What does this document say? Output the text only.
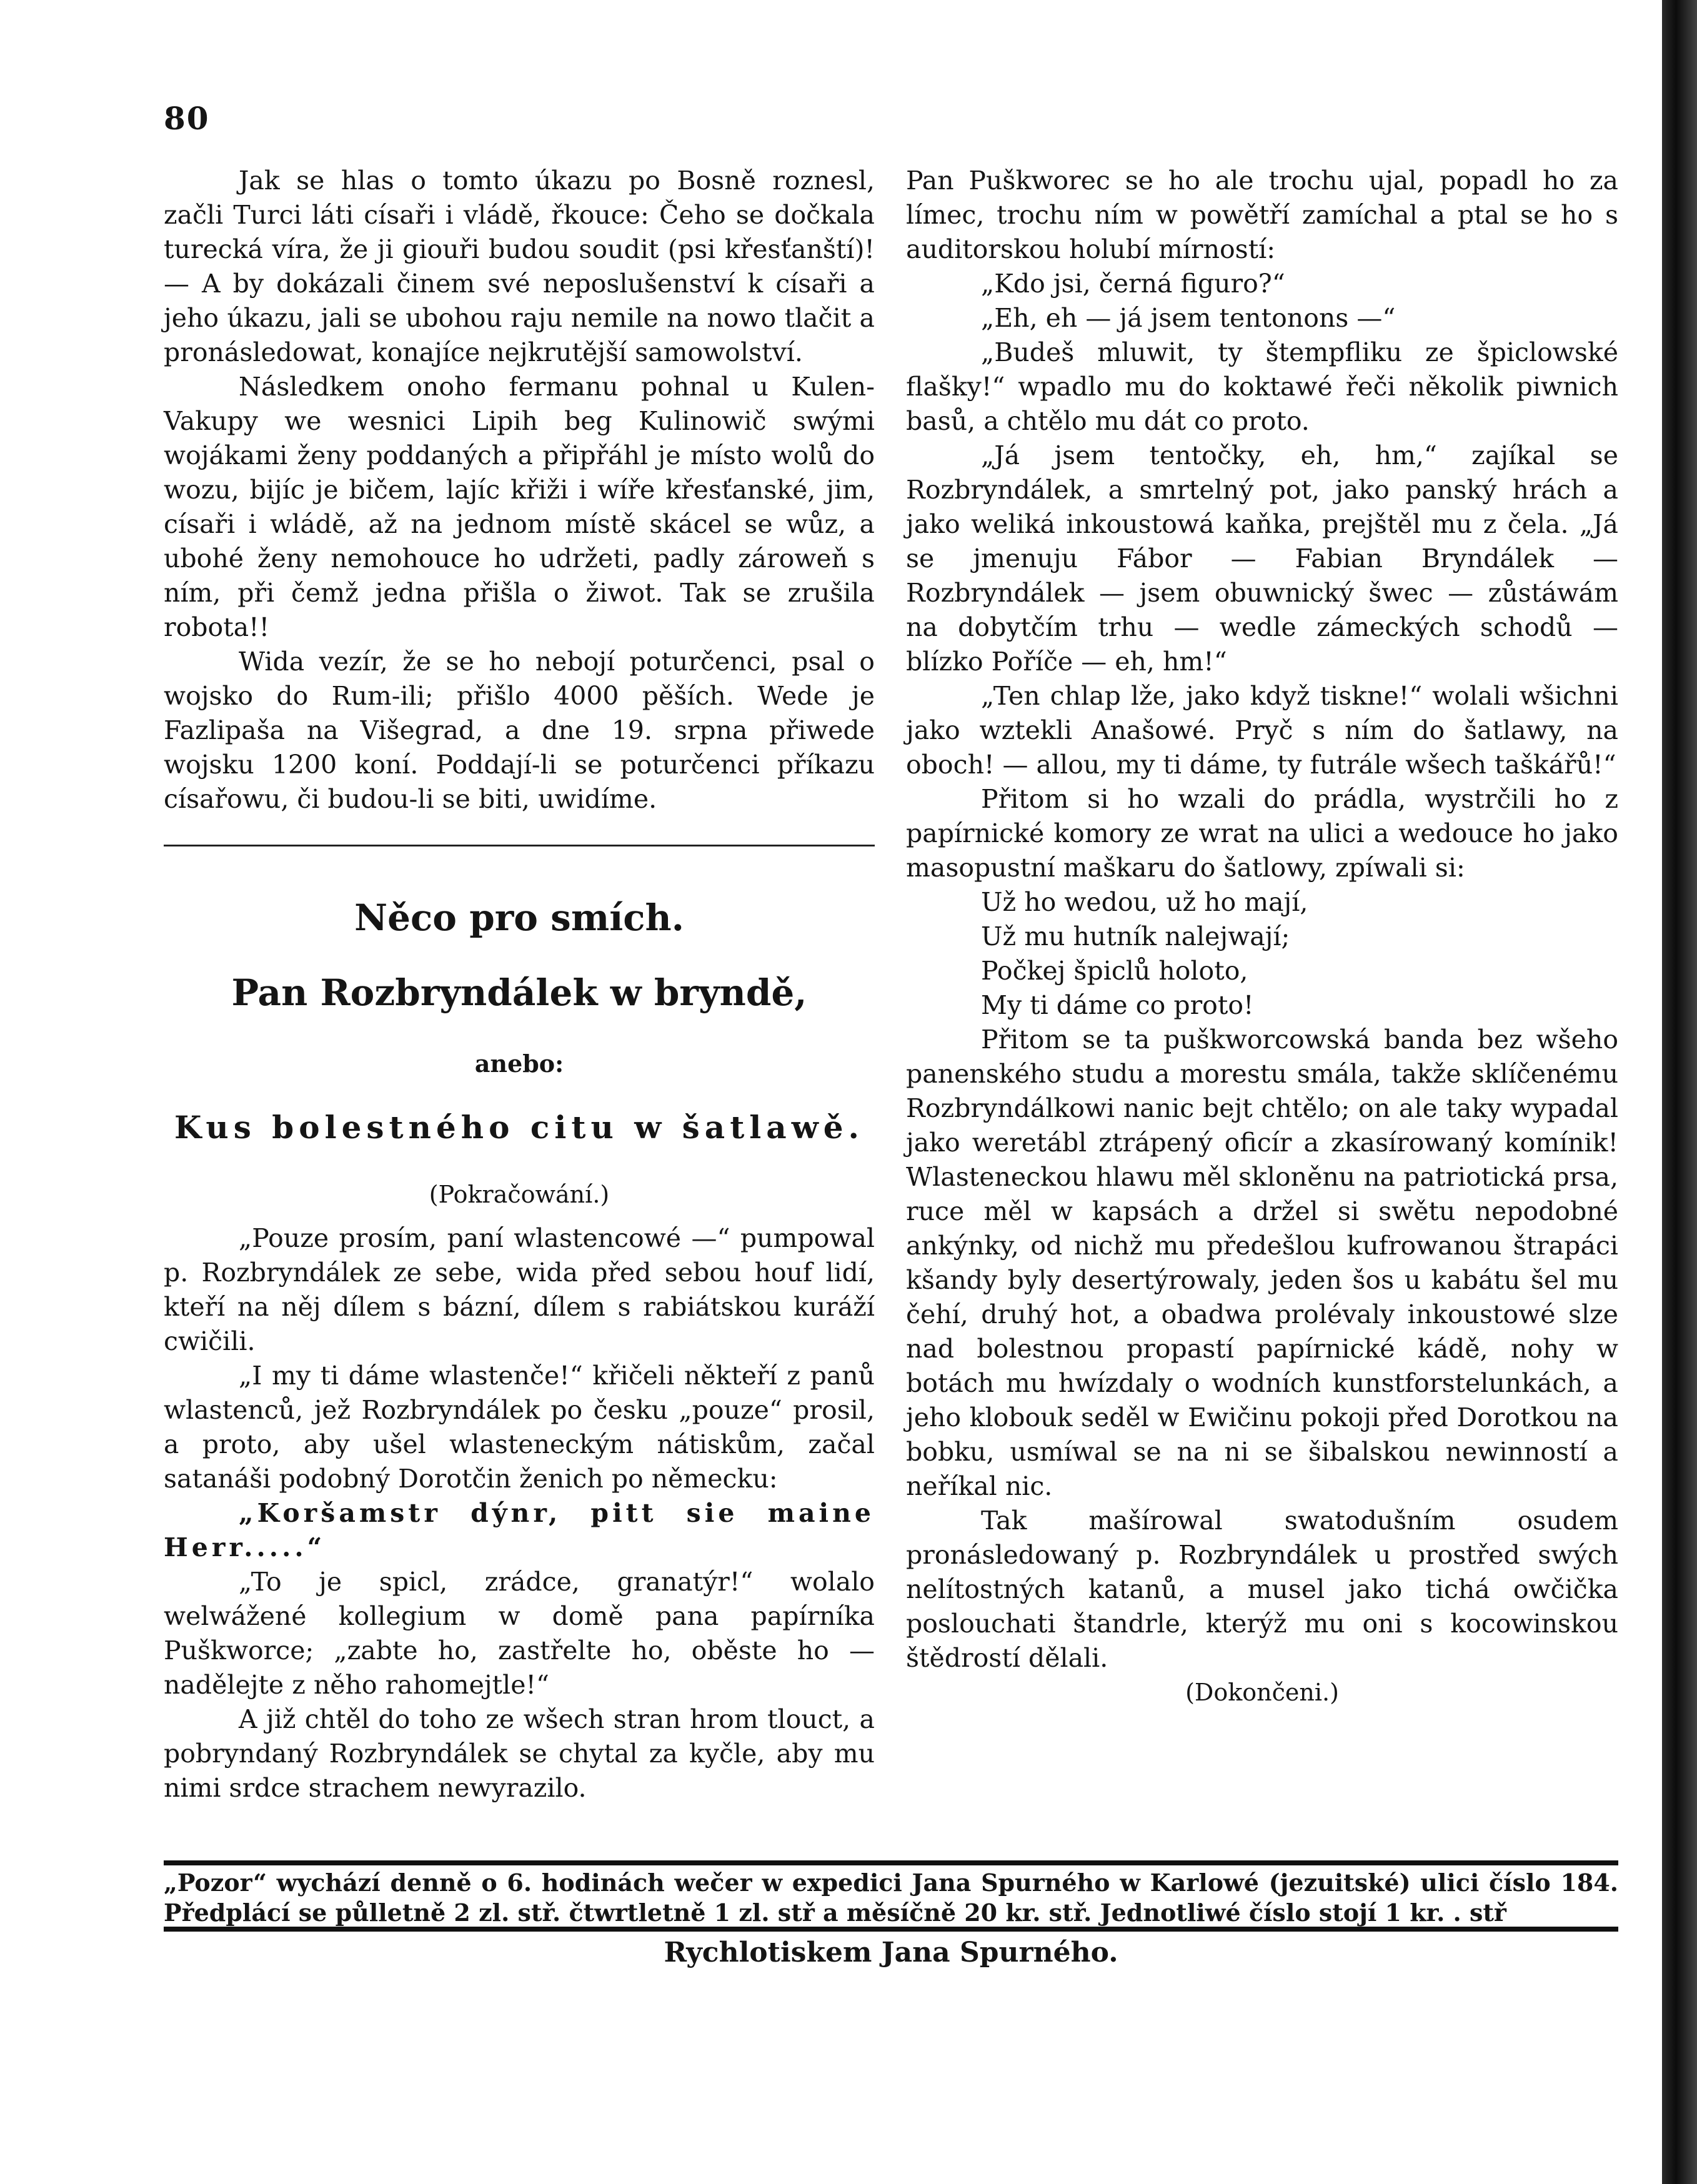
80

Jak se hlas o tomto úkazu po Bosně roznesl, začli Turci láti císaři i vládě, řkouce: Čeho se dočkala turecká víra, že ji giouři budou soudit (psi křesťanští)! — A by dokázali činem své neposlušenství k císaři a jeho úkazu, jali se ubohou raju nemile na nowo tlačit a pronásledowat, konajíce nejkrutější samowolství.

Následkem onoho fermanu pohnal u Kulen-Vakupy we wesnici Lipih beg Kulinowič swými wojákami ženy poddaných a připřáhl je místo wolů do wozu, bijíc je bičem, lajíc křiži i wíře křesťanské, jim, císaři i wládě, až na jednom místě skácel se wůz, a ubohé ženy nemohouce ho udržeti, padly zároweň s ním, při čemž jedna přišla o žiwot. Tak se zrušila robota!!

Wida vezír, že se ho nebojí poturčenci, psal o wojsko do Rum-ili; přišlo 4000 pěších. Wede je Fazlipaša na Višegrad, a dne 19. srpna přiwede wojsku 1200 koní. Poddají-li se poturčenci příkazu císařowu, či budou-li se biti, uwidíme.

Něco pro smích.
Pan Rozbryndálek w bryndě,
anebo:
Kus bolestného citu w šatlawě.
(Pokračowání.)

„Pouze prosím, paní wlastencowé —“ pumpowal p. Rozbryndálek ze sebe, wida před sebou houf lidí, kteří na něj dílem s bázní, dílem s rabiátskou kuráží cwičili.

„I my ti dáme wlastenče!“ křičeli někteří z panů wlastenců, jež Rozbryndálek po česku „pouze“ prosil, a proto, aby ušel wlasteneckým nátiskům, začal satanáši podobný Dorotčin ženich po německu:

„Koršamstr dýnr, pitt sie maine Herr.....“

„To je spicl, zrádce, granatýr!“ wolalo welwážené kollegium w domě pana papírníka Puškworce; „zabte ho, zastřelte ho, oběste ho — nadělejte z něho rahomejtle!“

A již chtěl do toho ze wšech stran hrom tlouct, a pobryndaný Rozbryndálek se chytal za kyčle, aby mu nimi srdce strachem newyrazilo.

Pan Puškworec se ho ale trochu ujal, popadl ho za límec, trochu ním w powětří zamíchal a ptal se ho s auditorskou holubí mírností:

„Kdo jsi, černá figuro?“

„Eh, eh — já jsem tentonons —“

„Budeš mluwit, ty štempfliku ze špiclowské flašky!“ wpadlo mu do koktawé řeči několik piwnich basů, a chtělo mu dát co proto.

„Já jsem tentočky, eh, hm,“ zajíkal se Rozbryndálek, a smrtelný pot, jako panský hrách a jako weliká inkoustowá kaňka, prejštěl mu z čela. „Já se jmenuju Fábor — Fabian Bryndálek — Rozbryndálek — jsem obuwnický šwec — zůstáwám na dobytčím trhu — wedle zámeckých schodů — blízko Poříče — eh, hm!“

„Ten chlap lže, jako když tiskne!“ wolali wšichni jako wztekli Anašowé. Pryč s ním do šatlawy, na oboch! — allou, my ti dáme, ty futrále wšech taškářů!“

Přitom si ho wzali do prádla, wystrčili ho z papírnické komory ze wrat na ulici a wedouce ho jako masopustní maškaru do šatlowy, zpíwali si:

Už ho wedou, už ho mají,

Už mu hutník nalejwají;

Počkej špiclů holoto,

My ti dáme co proto!

Přitom se ta puškworcowská banda bez wšeho panenského studu a morestu smála, takže sklíčenému Rozbryndálkowi nanic bejt chtělo; on ale taky wypadal jako weretábl ztrápený oficír a zkasírowaný komínik! Wlasteneckou hlawu měl skloněnu na patriotická prsa, ruce měl w kapsách a držel si swětu nepodobné ankýnky, od nichž mu předešlou kufrowanou štrapáci kšandy byly desertýrowaly, jeden šos u kabátu šel mu čehí, druhý hot, a obadwa prolévaly inkoustowé slze nad bolestnou propastí papírnické kádě, nohy w botách mu hwízdaly o wodních kunstforstelunkách, a jeho klobouk seděl w Ewičinu pokoji před Dorotkou na bobku, usmíwal se na ni se šibalskou newinností a neříkal nic.

Tak mašírowal swatodušním osudem pronásledowaný p. Rozbryndálek u prostřed swých nelítostných katanů, a musel jako tichá owčička poslouchati štandrle, kterýž mu oni s kocowinskou štědrostí dělali.

(Dokončeni.)

„Pozor“ wychází denně o 6. hodinách wečer w expedici Jana Spurného w Karlowé (jezuitské) ulici číslo 184. Předplácí se půlletně 2 zl. stř. čtwrtletně 1 zl. stř a měsíčně 20 kr. stř. Jednotliwé číslo stojí 1 kr. . stř
Rychlotiskem Jana Spurného.
